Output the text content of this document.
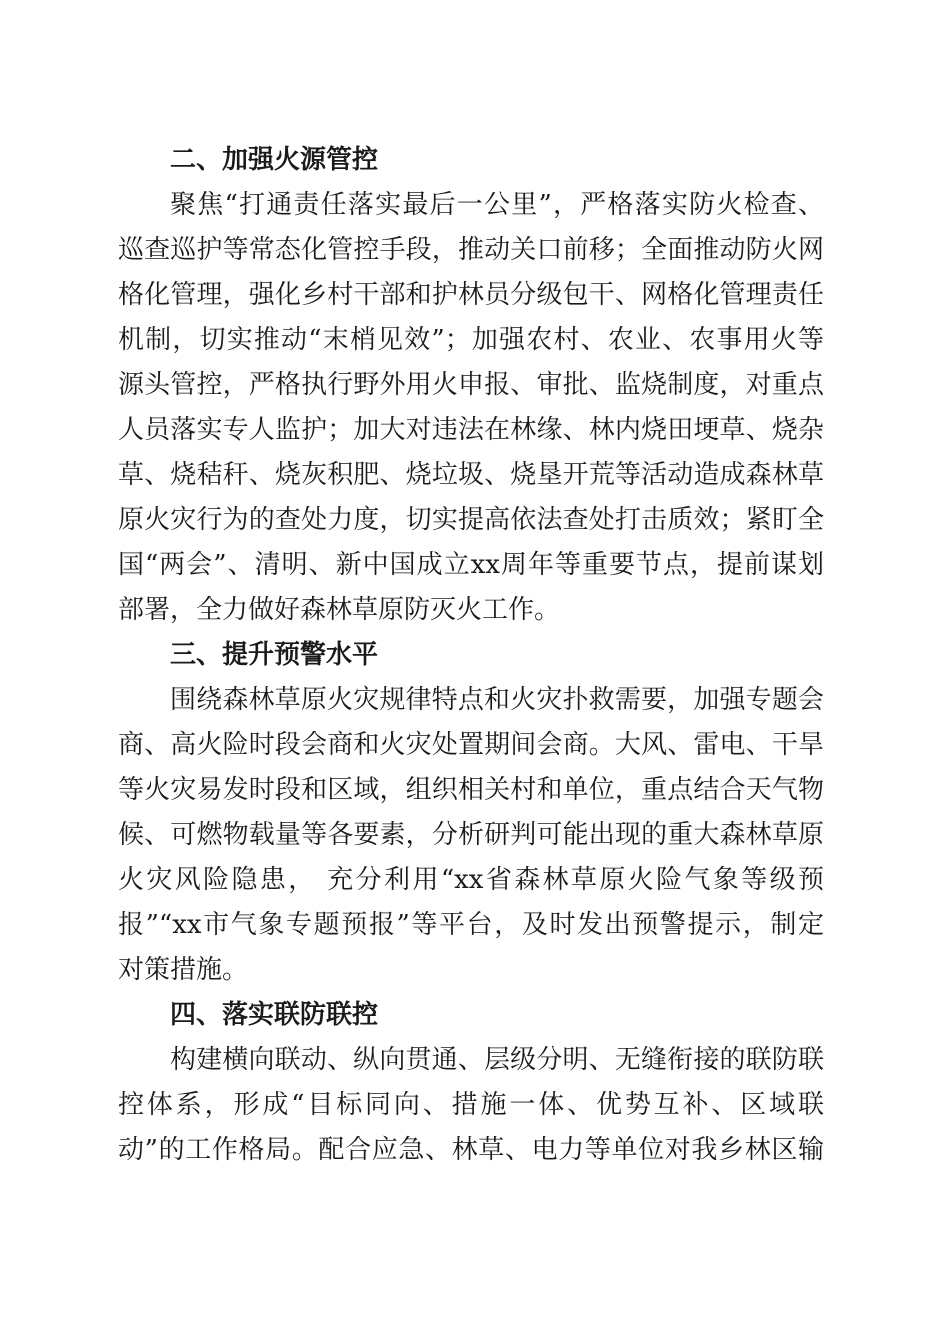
二、加强火源管控

聚焦“打通责任落实最后一公里”，严格落实防火检查、

巡查巡护等常态化管控手段，推动关口前移；全面推动防火网

格化管理，强化乡村干部和护林员分级包干、网格化管理责任

机制，切实推动“末梢见效”；加强农村、农业、农事用火等

源头管控，严格执行野外用火申报、审批、监烧制度，对重点

人员落实专人监护；加大对违法在林缘、林内烧田埂草、烧杂

草、烧秸秆、烧灰积肥、烧垃圾、烧垦开荒等活动造成森林草

原火灾行为的查处力度，切实提高依法查处打击质效；紧盯全

国“两会”、清明、新中国成立xx周年等重要节点，提前谋划

部署，全力做好森林草原防灭火工作。

三、提升预警水平

围绕森林草原火灾规律特点和火灾扑救需要，加强专题会

商、高火险时段会商和火灾处置期间会商。大风、雷电、干旱

等火灾易发时段和区域，组织相关村和单位，重点结合天气物

候、可燃物载量等各要素，分析研判可能出现的重大森林草原

火灾风险隐患， 充分利用“xx省森林草原火险气象等级预

报”“xx市气象专题预报”等平台，及时发出预警提示，制定

对策措施。

四、落实联防联控

构建横向联动、纵向贯通、层级分明、无缝衔接的联防联

控体系，形成“目标同向、措施一体、优势互补、区域联

动”的工作格局。配合应急、林草、电力等单位对我乡林区输
